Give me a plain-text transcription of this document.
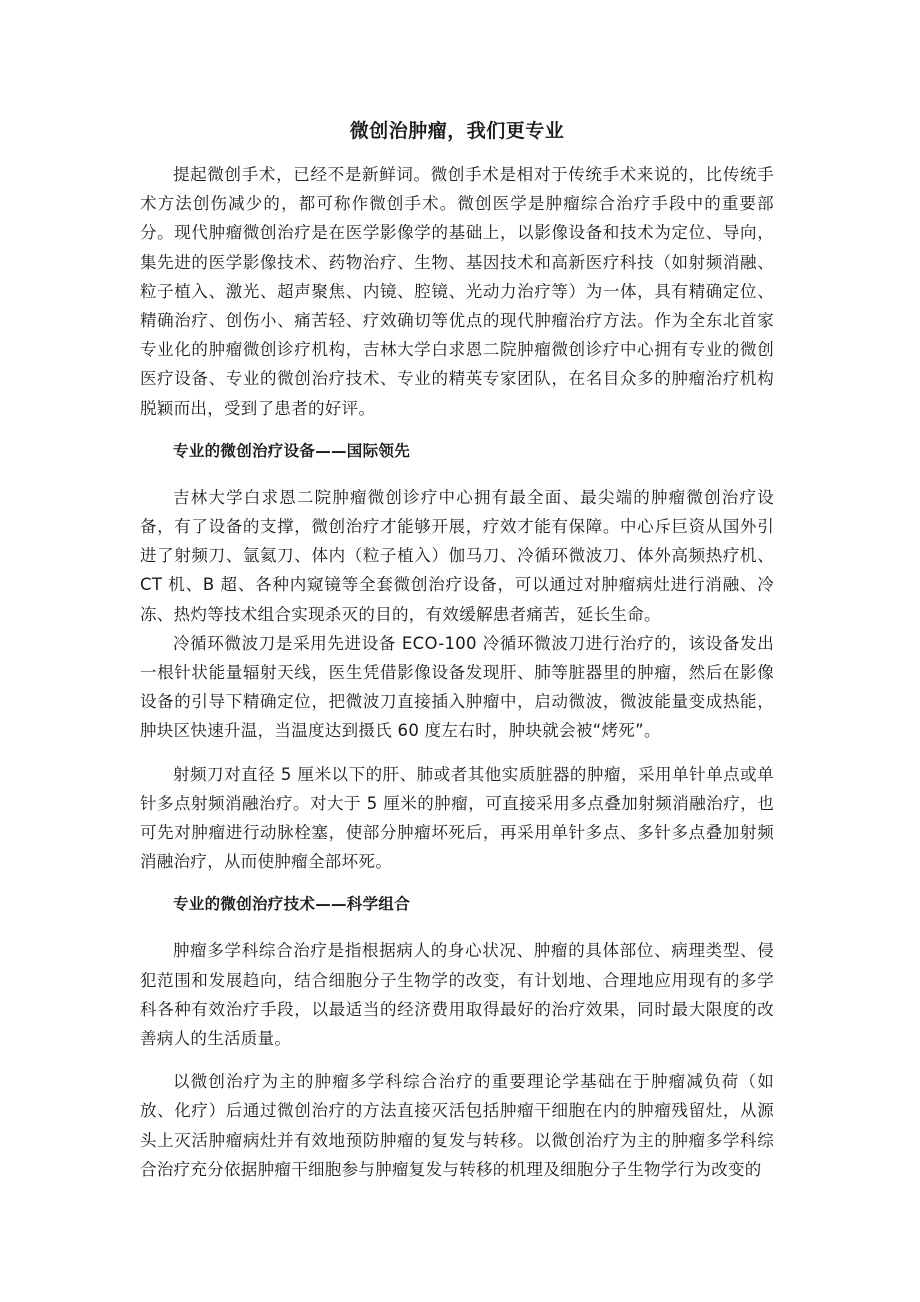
微创治肿瘤，我们更专业

提起微创手术，已经不是新鲜词。微创手术是相对于传统手术来说的，比传统手术方法创伤减少的，都可称作微创手术。微创医学是肿瘤综合治疗手段中的重要部分。现代肿瘤微创治疗是在医学影像学的基础上，以影像设备和技术为定位、导向，集先进的医学影像技术、药物治疗、生物、基因技术和高新医疗科技（如射频消融、粒子植入、激光、超声聚焦、内镜、腔镜、光动力治疗等）为一体，具有精确定位、精确治疗、创伤小、痛苦轻、疗效确切等优点的现代肿瘤治疗方法。作为全东北首家专业化的肿瘤微创诊疗机构，吉林大学白求恩二院肿瘤微创诊疗中心拥有专业的微创医疗设备、专业的微创治疗技术、专业的精英专家团队，在名目众多的肿瘤治疗机构脱颖而出，受到了患者的好评。

专业的微创治疗设备——国际领先

吉林大学白求恩二院肿瘤微创诊疗中心拥有最全面、最尖端的肿瘤微创治疗设备，有了设备的支撑，微创治疗才能够开展，疗效才能有保障。中心斥巨资从国外引进了射频刀、氩氦刀、体内（粒子植入）伽马刀、冷循环微波刀、体外高频热疗机、CT 机、B 超、各种内窥镜等全套微创治疗设备，可以通过对肿瘤病灶进行消融、冷冻、热灼等技术组合实现杀灭的目的，有效缓解患者痛苦，延长生命。

冷循环微波刀是采用先进设备 ECO-100 冷循环微波刀进行治疗的，该设备发出一根针状能量辐射天线，医生凭借影像设备发现肝、肺等脏器里的肿瘤，然后在影像设备的引导下精确定位，把微波刀直接插入肿瘤中，启动微波，微波能量变成热能，肿块区快速升温，当温度达到摄氏 60 度左右时，肿块就会被“烤死”。

射频刀对直径 5 厘米以下的肝、肺或者其他实质脏器的肿瘤，采用单针单点或单针多点射频消融治疗。对大于 5 厘米的肿瘤，可直接采用多点叠加射频消融治疗，也可先对肿瘤进行动脉栓塞，使部分肿瘤坏死后，再采用单针多点、多针多点叠加射频消融治疗，从而使肿瘤全部坏死。

专业的微创治疗技术——科学组合

肿瘤多学科综合治疗是指根据病人的身心状况、肿瘤的具体部位、病理类型、侵犯范围和发展趋向，结合细胞分子生物学的改变，有计划地、合理地应用现有的多学科各种有效治疗手段，以最适当的经济费用取得最好的治疗效果，同时最大限度的改善病人的生活质量。

以微创治疗为主的肿瘤多学科综合治疗的重要理论学基础在于肿瘤减负荷（如放、化疗）后通过微创治疗的方法直接灭活包括肿瘤干细胞在内的肿瘤残留灶，从源头上灭活肿瘤病灶并有效地预防肿瘤的复发与转移。以微创治疗为主的肿瘤多学科综合治疗充分依据肿瘤干细胞参与肿瘤复发与转移的机理及细胞分子生物学行为改变的
